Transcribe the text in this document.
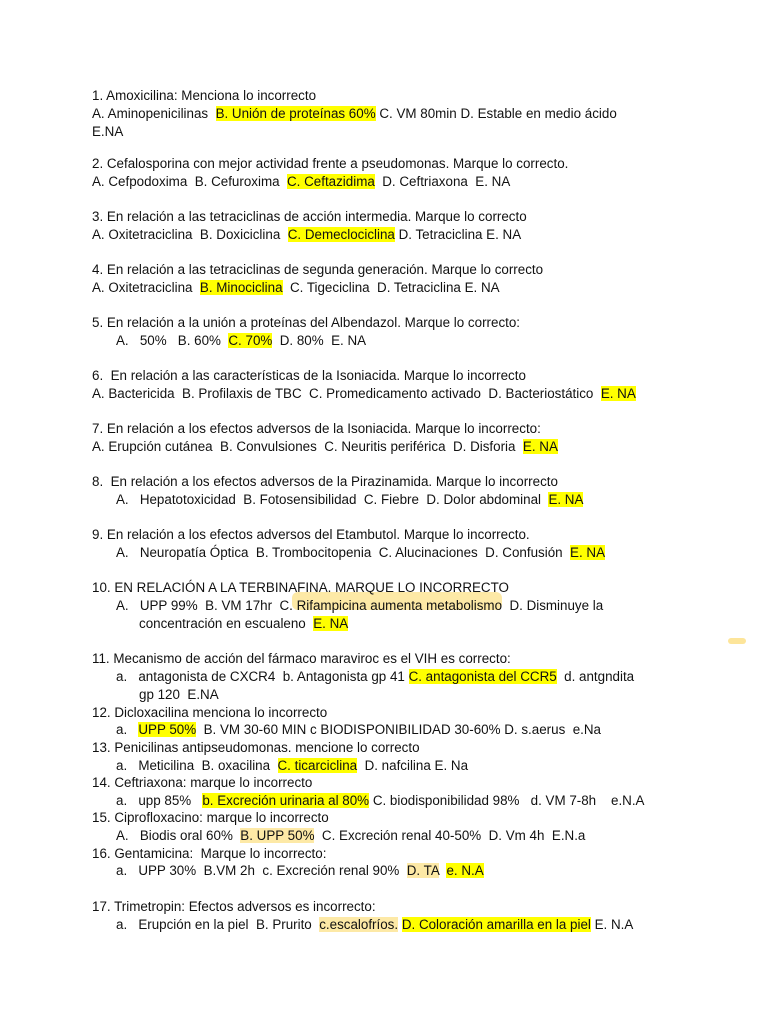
1. Amoxicilina: Menciona lo incorrecto
A. Aminopenicilinas  B. Unión de proteínas 60% C. VM 80min D. Estable en medio ácido
E.NA
2. Cefalosporina con mejor actividad frente a pseudomonas. Marque lo correcto.
A. Cefpodoxima  B. Cefuroxima  C. Ceftazidima  D. Ceftriaxona  E. NA
3. En relación a las tetraciclinas de acción intermedia. Marque lo correcto
A. Oxitetraciclina  B. Doxiciclina  C. Demeclociclina D. Tetraciclina E. NA
4. En relación a las tetraciclinas de segunda generación. Marque lo correcto
A. Oxitetraciclina  B. Minociclina  C. Tigeciclina  D. Tetraciclina E. NA
5. En relación a la unión a proteínas del Albendazol. Marque lo correcto:
A.   50%   B. 60%  C. 70%  D. 80%  E. NA
6.  En relación a las características de la Isoniacida. Marque lo incorrecto
A. Bactericida  B. Profilaxis de TBC  C. Promedicamento activado  D. Bacteriostático  E. NA
7. En relación a los efectos adversos de la Isoniacida. Marque lo incorrecto:
A. Erupción cutánea  B. Convulsiones  C. Neuritis periférica  D. Disforia  E. NA
8.  En relación a los efectos adversos de la Pirazinamida. Marque lo incorrecto
A.   Hepatotoxicidad  B. Fotosensibilidad  C. Fiebre  D. Dolor abdominal  E. NA
9. En relación a los efectos adversos del Etambutol. Marque lo incorrecto.
A.   Neuropatía Óptica  B. Trombocitopenia  C. Alucinaciones  D. Confusión  E. NA
10. EN RELACIÓN A LA TERBINAFINA. MARQUE LO INCORRECTO
A.   UPP 99%  B. VM 17hr  C. Rifampicina aumenta metabolismo  D. Disminuye la
concentración en escualeno  E. NA
11. Mecanismo de acción del fármaco maraviroc es el VIH es correcto:
a.   antagonista de CXCR4  b. Antagonista gp 41 C. antagonista del CCR5  d. antgndita
gp 120  E.NA
12. Dicloxacilina menciona lo incorrecto
a.   UPP 50%  B. VM 30-60 MIN c BIODISPONIBILIDAD 30-60% D. s.aerus  e.Na
13. Penicilinas antipseudomonas. mencione lo correcto
a.   Meticilina  B. oxacilina  C. ticarciclina  D. nafcilina E. Na
14. Ceftriaxona: marque lo incorrecto
a.   upp 85%   b. Excreción urinaria al 80% C. biodisponibilidad 98%   d. VM 7-8h    e.N.A
15. Ciprofloxacino: marque lo incorrecto
A.   Biodis oral 60%  B. UPP 50%  C. Excreción renal 40-50%  D. Vm 4h  E.N.a
16. Gentamicina:  Marque lo incorrecto:
a.   UPP 30%  B.VM 2h  c. Excreción renal 90%  D. TA e. N.A
17. Trimetropin: Efectos adversos es incorrecto:
a.   Erupción en la piel  B. Prurito  c.escalofríos. D. Coloración amarilla en la piel E. N.A
